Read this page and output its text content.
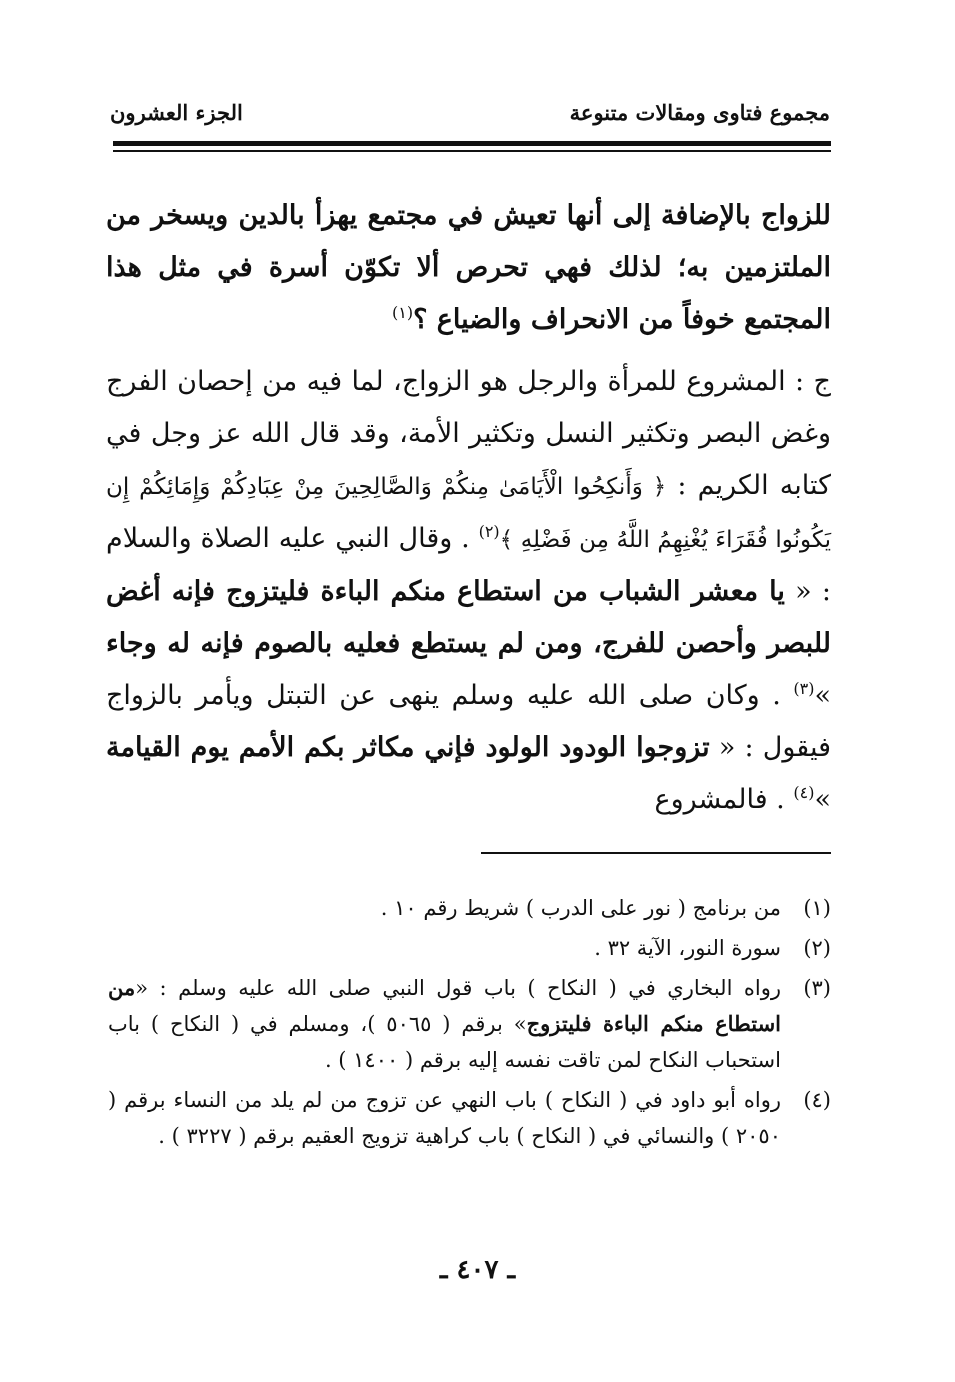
مجموع فتاوى ومقالات متنوعة
الجزء العشرون

للزواج بالإضافة إلى أنها تعيش في مجتمع يهزأ بالدين ويسخر من الملتزمين به؛ لذلك فهي تحرص ألا تكوّن أسرة في مثل هذا المجتمع خوفاً من الانحراف والضياع ؟$^{(١)}$

ج : المشروع للمرأة والرجل هو الزواج، لما فيه من إحصان الفرج وغض البصر وتكثير النسل وتكثير الأمة، وقد قال الله عز وجل في كتابه الكريم : ﴿ وَأَنكِحُوا الْأَيَامَىٰ مِنكُمْ وَالصَّالِحِينَ مِنْ عِبَادِكُمْ وَإِمَائِكُمْ إِن يَكُونُوا فُقَرَاءَ يُغْنِهِمُ اللَّهُ مِن فَضْلِهِ ﴾$^{(٢)}$ . وقال النبي عليه الصلاة والسلام : « يا معشر الشباب من استطاع منكم الباءة فليتزوج فإنه أغض للبصر وأحصن للفرج، ومن لم يستطع فعليه بالصوم فإنه له وجاء »$^{(٣)}$ . وكان صلى الله عليه وسلم ينهى عن التبتل ويأمر بالزواج فيقول : « تزوجوا الودود الولود فإني مكاثر بكم الأمم يوم القيامة »$^{(٤)}$ . فالمشروع

(١)
من برنامج ( نور على الدرب ) شريط رقم ١٠ .
(٢)
سورة النور، الآية ٣٢ .
(٣)
رواه البخاري في ( النكاح ) باب قول النبي صلى الله عليه وسلم : «من استطاع منكم الباءة فليتزوج» برقم ( ٥٠٦٥ )، ومسلم في ( النكاح ) باب استحباب النكاح لمن تاقت نفسه إليه برقم ( ١٤٠٠ ) .
(٤)
رواه أبو داود في ( النكاح ) باب النهي عن تزوج من لم يلد من النساء برقم ( ٢٠٥٠ ) والنسائي في ( النكاح ) باب كراهية تزويج العقيم برقم ( ٣٢٢٧ ) .
ـ ٤٠٧ ـ
